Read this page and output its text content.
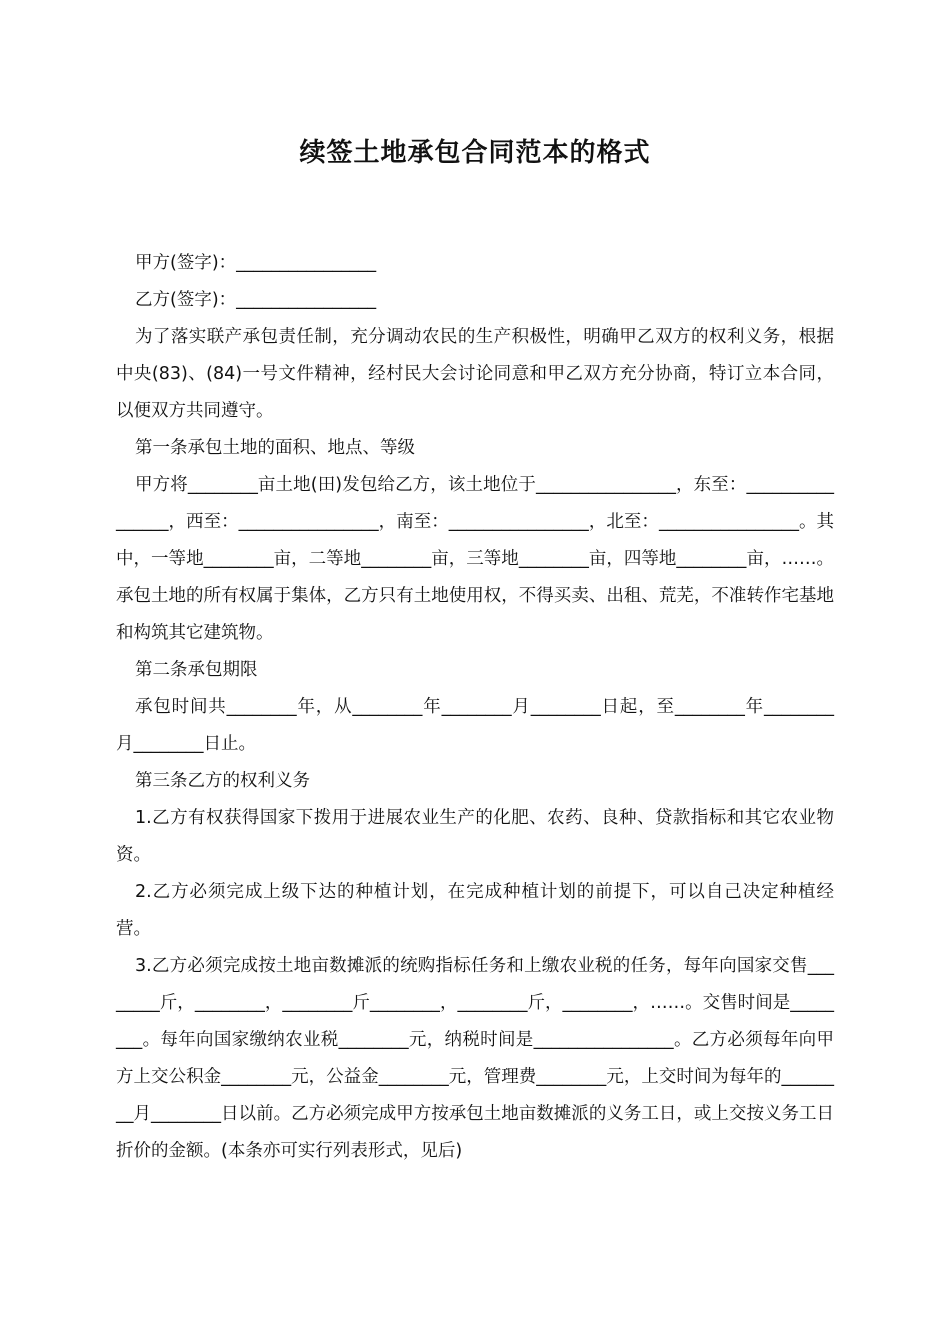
续签土地承包合同范本的格式

甲方(签字)：________________

乙方(签字)：________________

为了落实联产承包责任制，充分调动农民的生产积极性，明确甲乙双方的权利义务，根据中央(83)、(84)一号文件精神，经村民大会讨论同意和甲乙双方充分协商，特订立本合同，以便双方共同遵守。

第一条承包土地的面积、地点、等级

甲方将________亩土地(田)发包给乙方，该土地位于________________，东至：________________，西至：________________，南至：________________，北至：________________。其中，一等地________亩，二等地________亩，三等地________亩，四等地________亩，……。承包土地的所有权属于集体，乙方只有土地使用权，不得买卖、出租、荒芜，不准转作宅基地和构筑其它建筑物。

第二条承包期限

承包时间共________年，从________年________月________日起，至________年________月________日止。

第三条乙方的权利义务

1.乙方有权获得国家下拨用于进展农业生产的化肥、农药、良种、贷款指标和其它农业物资。

2.乙方必须完成上级下达的种植计划，在完成种植计划的前提下，可以自己决定种植经营。

3.乙方必须完成按土地亩数摊派的统购指标任务和上缴农业税的任务，每年向国家交售________斤，________，________斤________，________斤，________，……。交售时间是________。每年向国家缴纳农业税________元，纳税时间是________________。乙方必须每年向甲方上交公积金________元，公益金________元，管理费________元，上交时间为每年的________月________日以前。乙方必须完成甲方按承包土地亩数摊派的义务工日，或上交按义务工日折价的金额。(本条亦可实行列表形式，见后)
